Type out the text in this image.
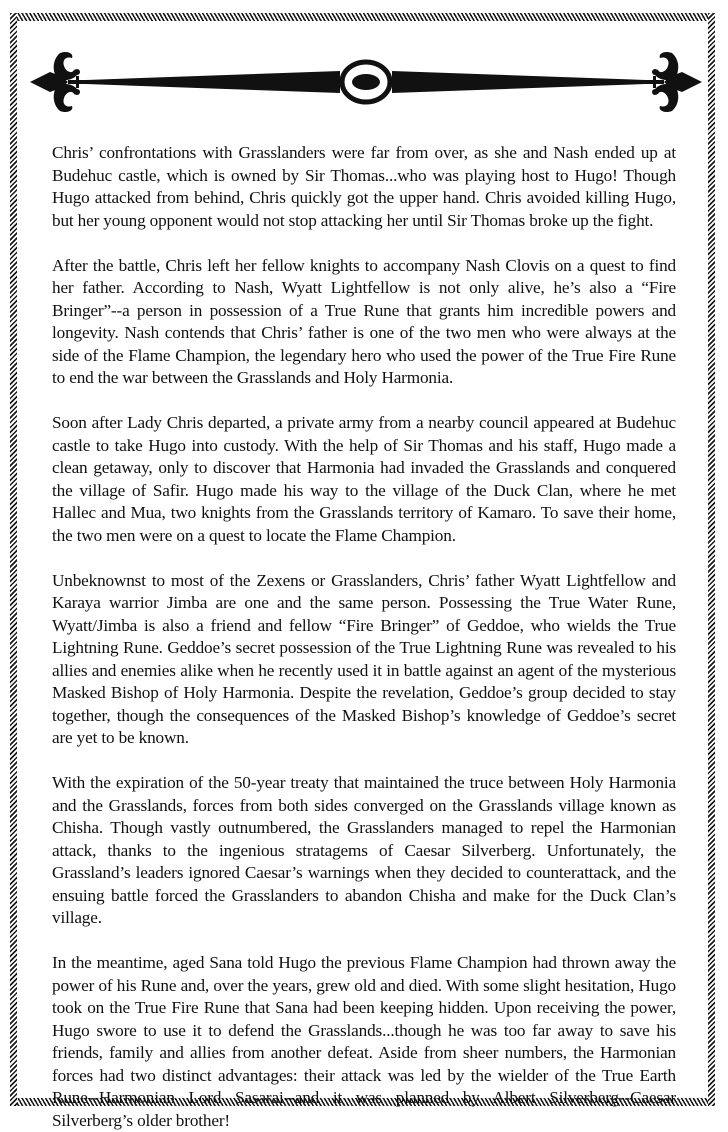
Chris’ confrontations with Grasslanders were far from over, as she and Nash ended up at Budehuc castle, which is owned by Sir Thomas...who was playing host to Hugo! Though Hugo attacked from behind, Chris quickly got the upper hand. Chris avoided killing Hugo, but her young opponent would not stop attacking her until Sir Thomas broke up the fight.

After the battle, Chris left her fellow knights to accompany Nash Clovis on a quest to find her father. According to Nash, Wyatt Lightfellow is not only alive, he’s also a “Fire Bringer”--a person in possession of a True Rune that grants him incredible powers and longevity. Nash contends that Chris’ father is one of the two men who were always at the side of the Flame Champion, the legendary hero who used the power of the True Fire Rune to end the war between the Grasslands and Holy Harmonia.

Soon after Lady Chris departed, a private army from a nearby council appeared at Budehuc castle to take Hugo into custody. With the help of Sir Thomas and his staff, Hugo made a clean getaway, only to discover that Harmonia had invaded the Grasslands and conquered the village of Safir. Hugo made his way to the village of the Duck Clan, where he met Hallec and Mua, two knights from the Grasslands territory of Kamaro. To save their home, the two men were on a quest to locate the Flame Champion.

Unbeknownst to most of the Zexens or Grasslanders, Chris’ father Wyatt Lightfellow and Karaya warrior Jimba are one and the same person. Possessing the True Water Rune, Wyatt/Jimba is also a friend and fellow “Fire Bringer” of Geddoe, who wields the True Lightning Rune. Geddoe’s secret possession of the True Lightning Rune was revealed to his allies and enemies alike when he recently used it in battle against an agent of the mysterious Masked Bishop of Holy Harmonia. Despite the revelation, Geddoe’s group decided to stay together, though the consequences of the Masked Bishop’s knowledge of Geddoe’s secret are yet to be known.

With the expiration of the 50-year treaty that maintained the truce between Holy Harmonia and the Grasslands, forces from both sides converged on the Grasslands village known as Chisha. Though vastly outnumbered, the Grasslanders managed to repel the Harmonian attack, thanks to the ingenious stratagems of Caesar Silverberg. Unfortunately, the Grassland’s leaders ignored Caesar’s warnings when they decided to counterattack, and the ensuing battle forced the Grasslanders to abandon Chisha and make for the Duck Clan’s village.

In the meantime, aged Sana told Hugo the previous Flame Champion had thrown away the power of his Rune and, over the years, grew old and died. With some slight hesitation, Hugo took on the True Fire Rune that Sana had been keeping hidden. Upon receiving the power, Hugo swore to use it to defend the Grasslands...though he was too far away to save his friends, family and allies from another defeat. Aside from sheer numbers, the Harmonian forces had two distinct advantages: their attack was led by the wielder of the True Earth Rune--Harmonian Lord Sasarai--and it was planned by Albert Silverberg--Caesar Silverberg’s older brother!
